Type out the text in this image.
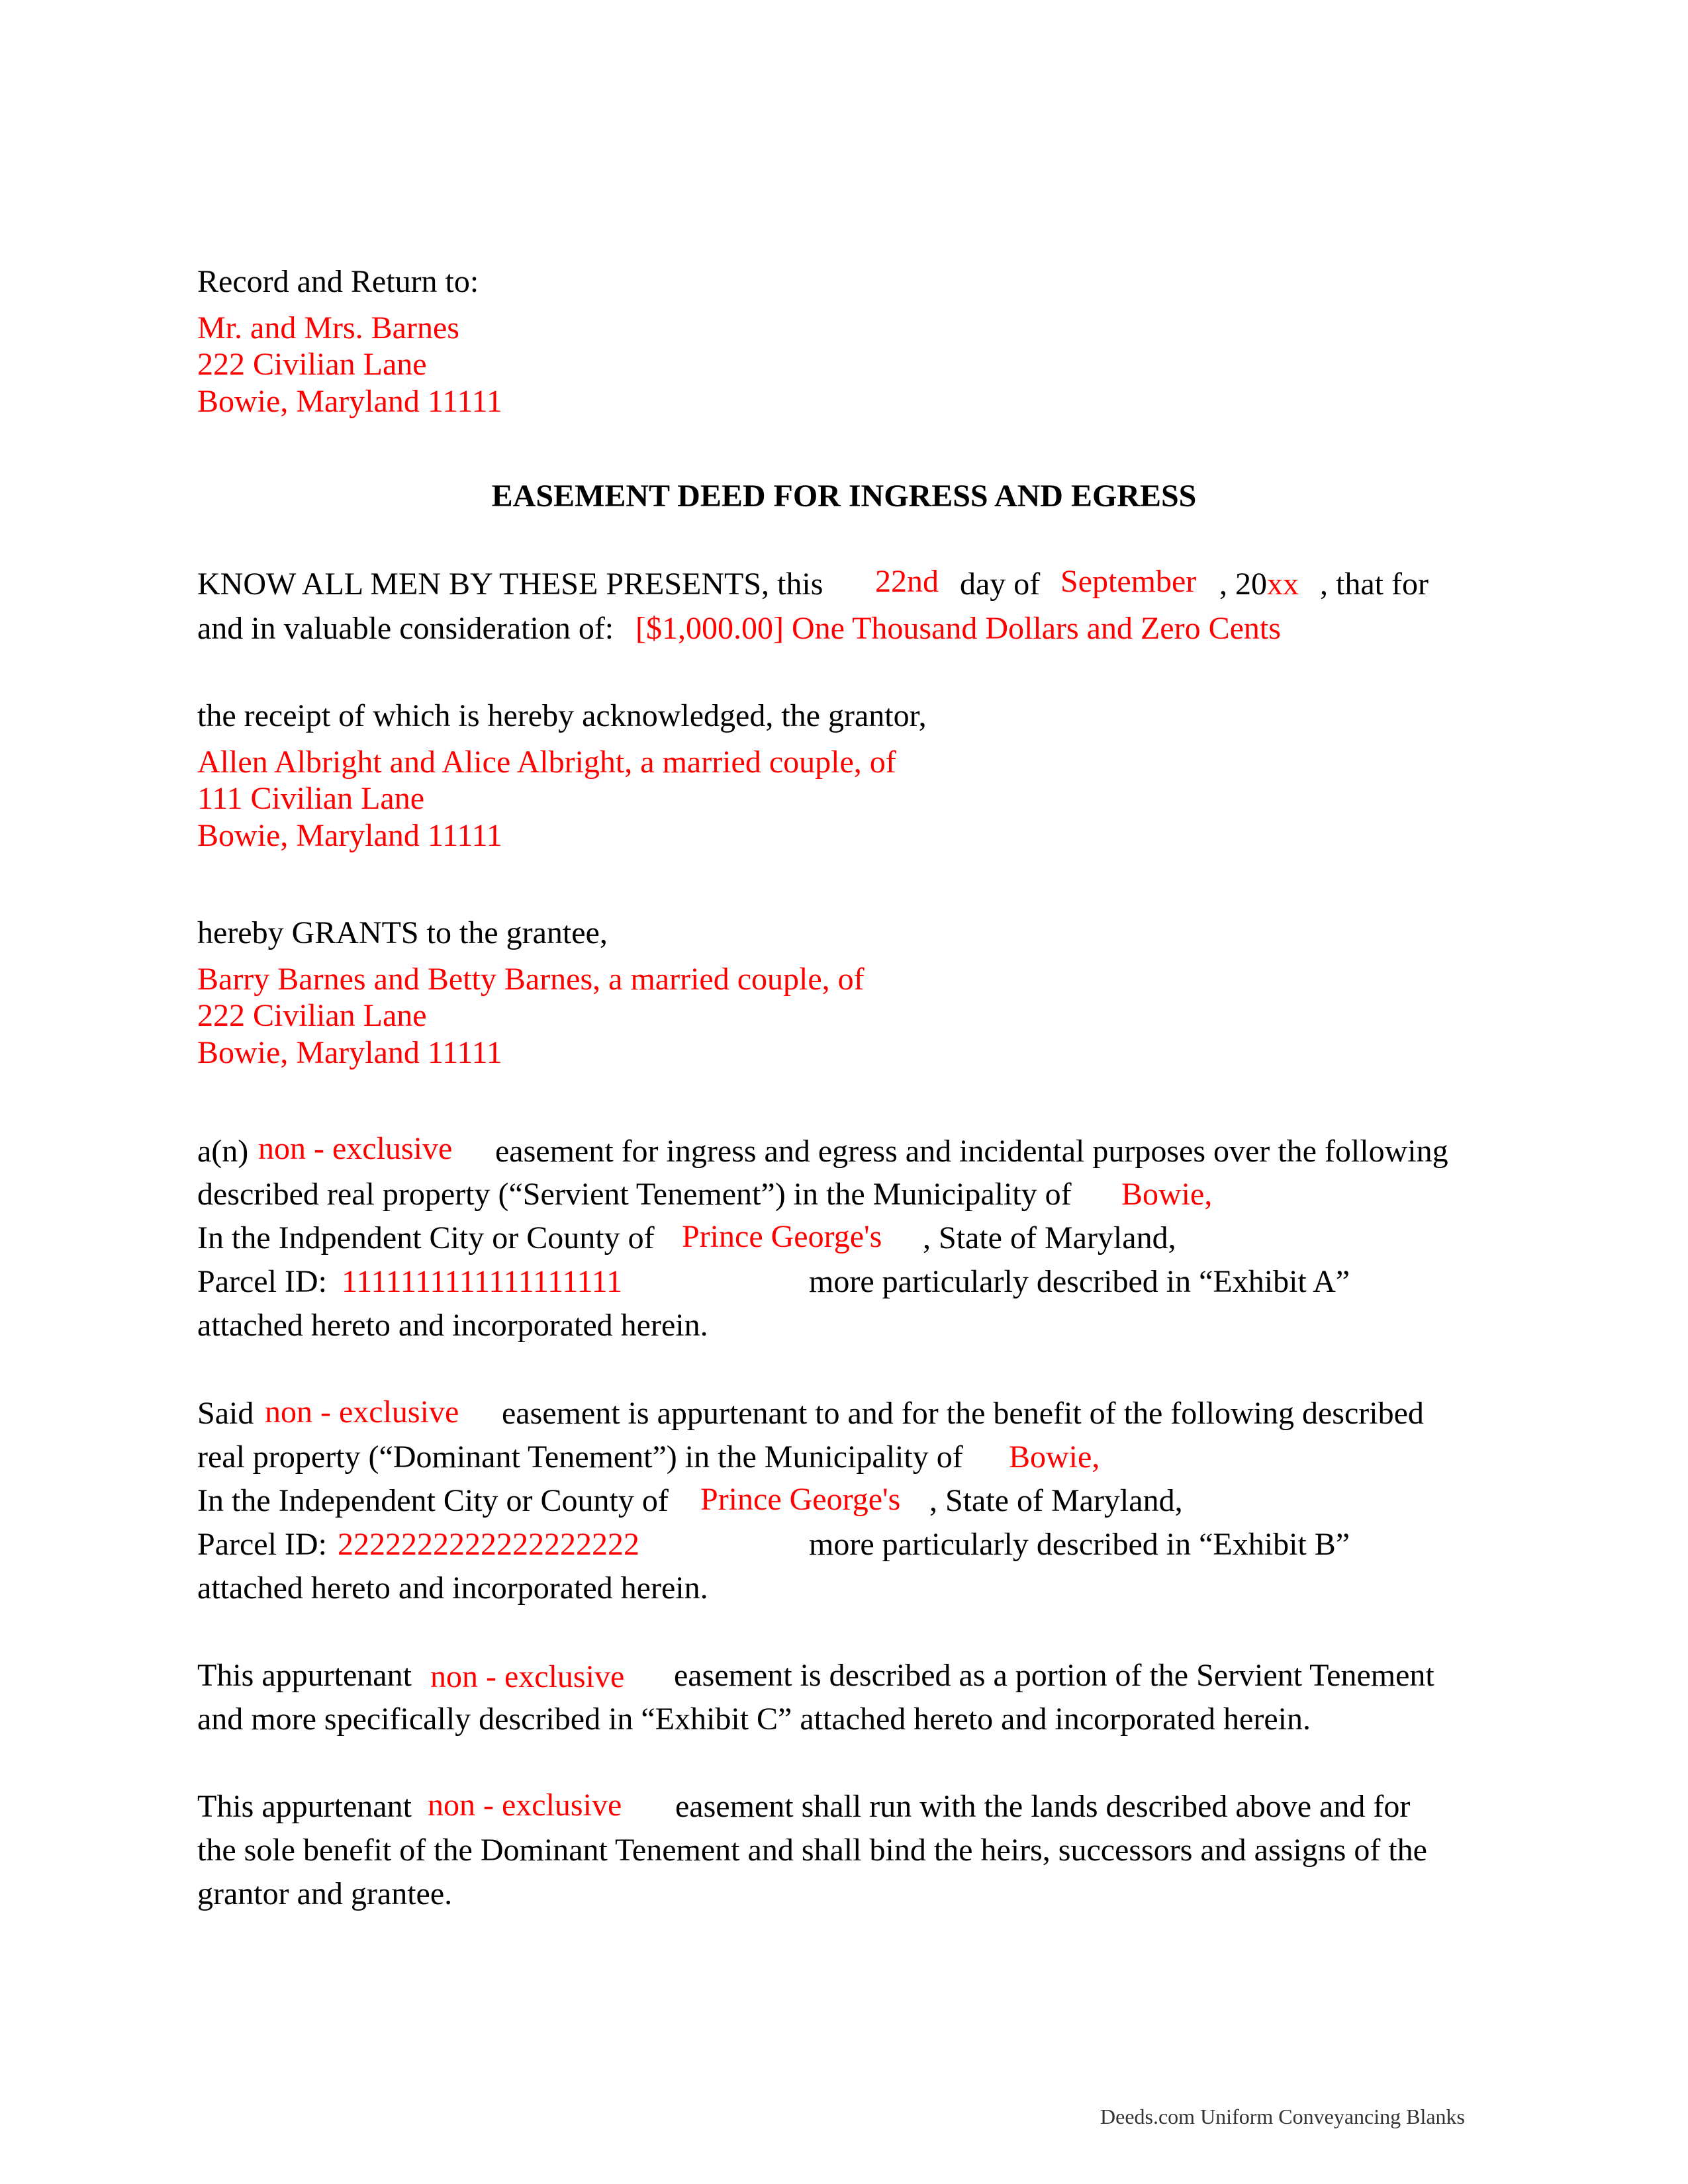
Record and Return to:
Mr. and Mrs. Barnes
222 Civilian Lane
Bowie, Maryland 11111
EASEMENT DEED FOR INGRESS AND EGRESS
KNOW ALL MEN BY THESE PRESENTS, this 22nd day of September , 20xx , that for
and in valuable consideration of: [$1,000.00] One Thousand Dollars and Zero Cents
the receipt of which is hereby acknowledged, the grantor,
Allen Albright and Alice Albright, a married couple, of
111 Civilian Lane
Bowie, Maryland 11111
hereby GRANTS to the grantee,
Barry Barnes and Betty Barnes, a married couple, of
222 Civilian Lane
Bowie, Maryland 11111
a(n) non - exclusive easement for ingress and egress and incidental purposes over the following
described real property (“Servient Tenement”) in the Municipality of Bowie,
In the Indpendent City or County of Prince George's , State of Maryland,
Parcel ID: 1111111111111111111	more particularly described in “Exhibit A”
attached hereto and incorporated herein.
Said non - exclusive easement is appurtenant to and for the benefit of the following described
real property (“Dominant Tenement”) in the Municipality of Bowie,
In the Independent City or County of Prince George's , State of Maryland,
Parcel ID: 2222222222222222222	more particularly described in “Exhibit B”
attached hereto and incorporated herein.
This appurtenant non - exclusive easement is described as a portion of the Servient Tenement
and more specifically described in “Exhibit C” attached hereto and incorporated herein.
This appurtenant non - exclusive easement shall run with the lands described above and for
the sole benefit of the Dominant Tenement and shall bind the heirs, successors and assigns of the
grantor and grantee.
Deeds.com Uniform Conveyancing Blanks
